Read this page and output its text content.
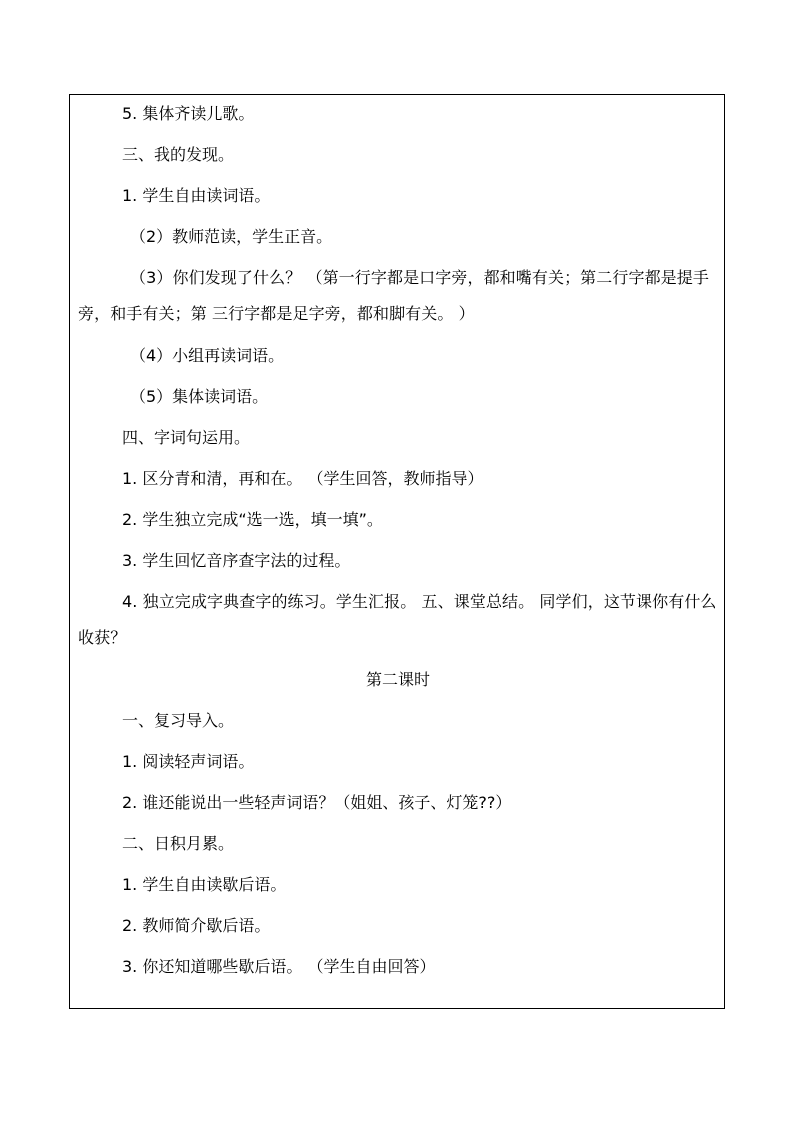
5. 集体齐读儿歌。

三、我的发现。

1. 学生自由读词语。

（2）教师范读，学生正音。

（3）你们发现了什么？ （第一行字都是口字旁，都和嘴有关；第二行字都是提手旁，和手有关；第 三行字都是足字旁，都和脚有关。 ）

（4）小组再读词语。

（5）集体读词语。

四、字词句运用。

1. 区分青和清，再和在。 （学生回答，教师指导）

2. 学生独立完成“选一选，填一填”。

3. 学生回忆音序查字法的过程。

4. 独立完成字典查字的练习。学生汇报。 五、课堂总结。 同学们，这节课你有什么收获？

第二课时

一、复习导入。

1. 阅读轻声词语。

2. 谁还能说出一些轻声词语？（姐姐、孩子、灯笼??）

二、日积月累。

1. 学生自由读歇后语。

2. 教师简介歇后语。

3. 你还知道哪些歇后语。 （学生自由回答）
